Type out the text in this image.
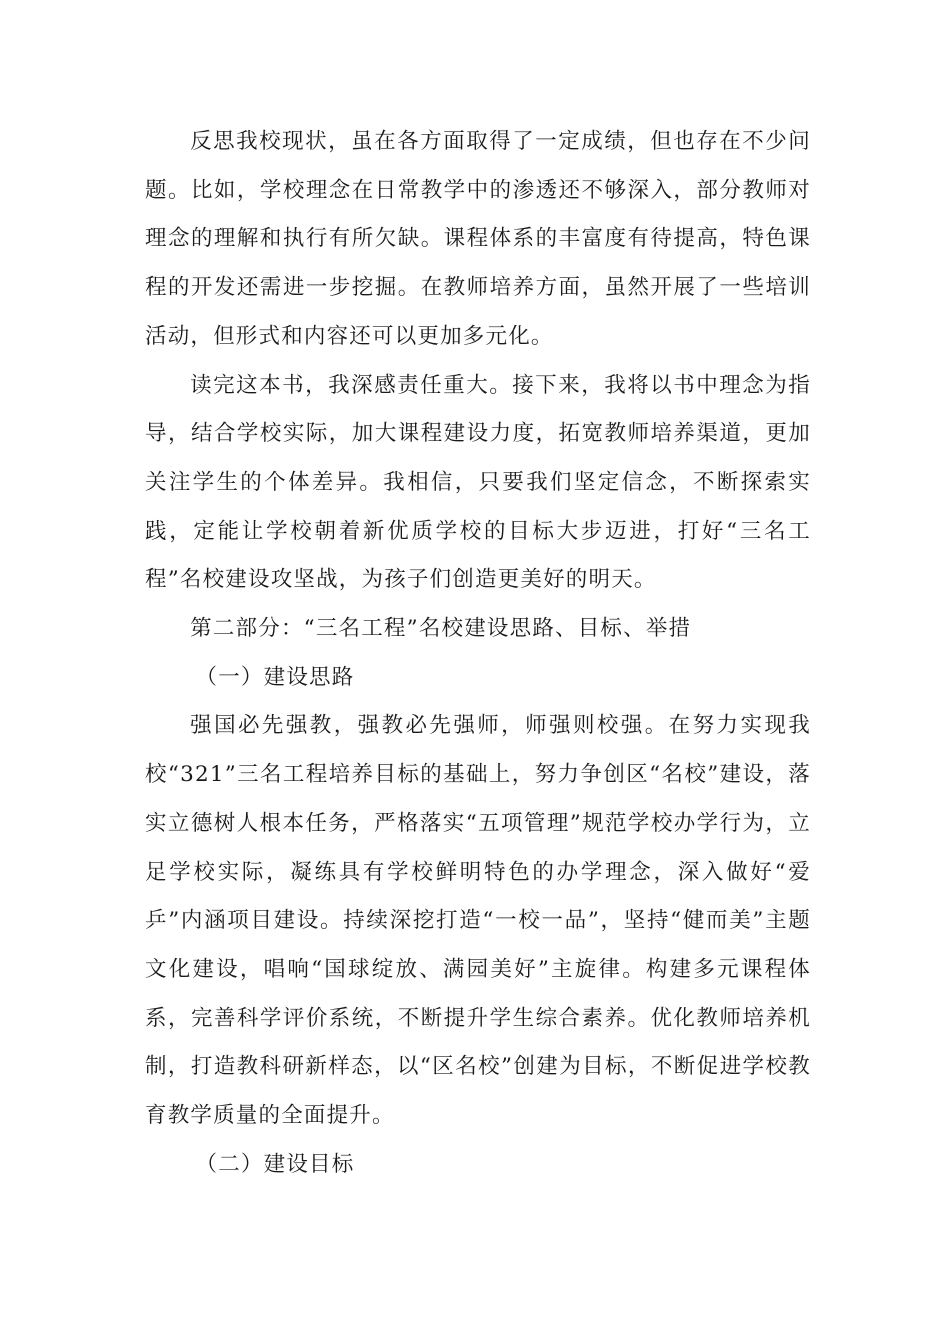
反思我校现状，虽在各方面取得了一定成绩，但也存在不少问题。比如，学校理念在日常教学中的渗透还不够深入，部分教师对理念的理解和执行有所欠缺。课程体系的丰富度有待提高，特色课程的开发还需进一步挖掘。在教师培养方面，虽然开展了一些培训活动，但形式和内容还可以更加多元化。

读完这本书，我深感责任重大。接下来，我将以书中理念为指导，结合学校实际，加大课程建设力度，拓宽教师培养渠道，更加关注学生的个体差异。我相信，只要我们坚定信念，不断探索实践，定能让学校朝着新优质学校的目标大步迈进，打好“三名工程”名校建设攻坚战，为孩子们创造更美好的明天。

第二部分：“三名工程”名校建设思路、目标、举措

（一）建设思路

强国必先强教，强教必先强师，师强则校强。在努力实现我校“321”三名工程培养目标的基础上，努力争创区“名校”建设，落实立德树人根本任务，严格落实“五项管理”规范学校办学行为，立足学校实际，凝练具有学校鲜明特色的办学理念，深入做好“爱乒”内涵项目建设。持续深挖打造“一校一品”，坚持“健而美”主题文化建设，唱响“国球绽放、满园美好”主旋律。构建多元课程体系，完善科学评价系统，不断提升学生综合素养。优化教师培养机制，打造教科研新样态，以“区名校”创建为目标，不断促进学校教育教学质量的全面提升。

（二）建设目标
